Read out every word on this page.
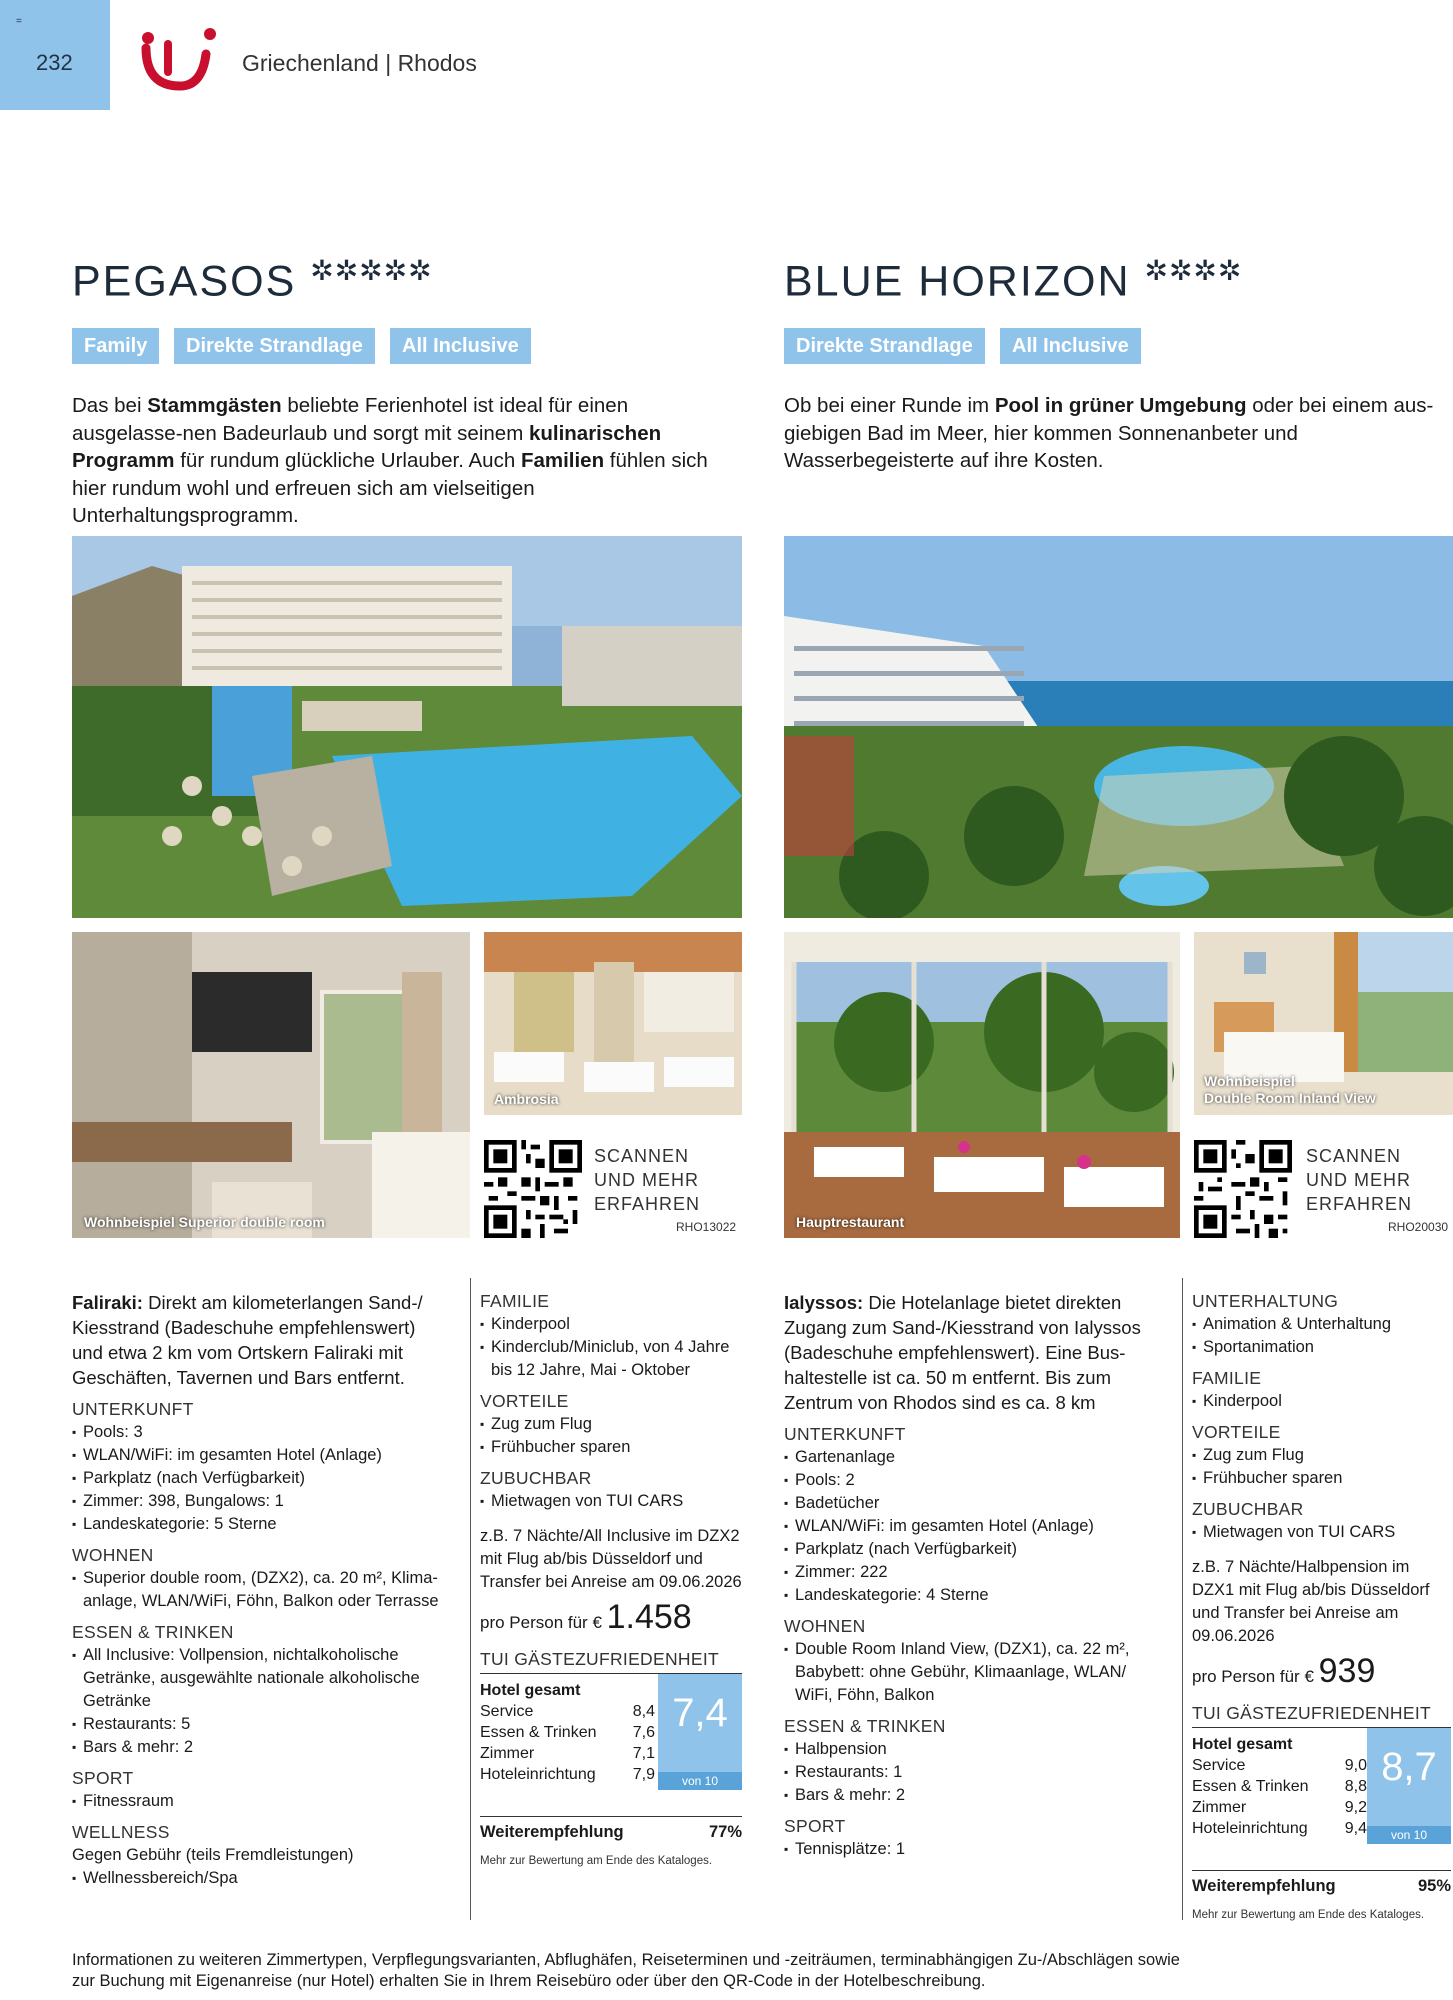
=
232	Griechenland | Rhodos
PEGASOS ✲✲✲✲✲
Family	Direkte Strandlage	All Inclusive
Das bei Stammgästen beliebte Ferienhotel ist ideal für einen ausgelasse-nen Badeurlaub und sorgt mit seinem kulinarischen Programm für rundum glückliche Urlauber. Auch Familien fühlen sich hier rundum wohl und erfreuen sich am vielseitigen Unterhaltungsprogramm.
Wohnbeispiel Superior double room
Ambrosia
SCANNEN
UND MEHR
ERFAHREN
RHO13022
Faliraki: Direkt am kilometerlangen Sand-/ Kiesstrand (Badeschuhe empfehlenswert) und etwa 2 km vom Ortskern Faliraki mit Geschäften, Tavernen und Bars entfernt.
UNTERKUNFT
▪ Pools: 3
▪ WLAN/WiFi: im gesamten Hotel (Anlage)
▪ Parkplatz (nach Verfügbarkeit)
▪ Zimmer: 398, Bungalows: 1
▪ Landeskategorie: 5 Sterne
WOHNEN
▪ Superior double room, (DZX2), ca. 20 m², Klima-anlage, WLAN/WiFi, Föhn, Balkon oder Terrasse
ESSEN & TRINKEN
▪ All Inclusive: Vollpension, nichtalkoholische Getränke, ausgewählte nationale alkoholische Getränke
▪ Restaurants: 5
▪ Bars & mehr: 2
SPORT
▪ Fitnessraum
WELLNESS

Gegen Gebühr (teils Fremdleistungen)

▪ Wellnessbereich/Spa
FAMILIE
▪ Kinderpool
▪ Kinderclub/Miniclub, von 4 Jahre bis 12 Jahre, Mai - Oktober
VORTEILE
▪ Zug zum Flug
▪ Frühbucher sparen
ZUBUCHBAR
▪ Mietwagen von TUI CARS

z.B. 7 Nächte/All Inclusive im DZX2 mit Flug ab/bis Düsseldorf und Transfer bei Anreise am 09.06.2026

pro Person für € 1.458
TUI GÄSTEZUFRIEDENHEIT
Hotel gesamt
Service	8,4
Essen & Trinken 7,6
Zimmer	7,1
Hoteleinrichtung 7,9
7,4
von 10
Weiterempfehlung	77%
Mehr zur Bewertung am Ende des Kataloges.
BLUE HORIZON ✲✲✲✲
Direkte Strandlage	All Inclusive
Ob bei einer Runde im Pool in grüner Umgebung oder bei einem aus-giebigen Bad im Meer, hier kommen Sonnenanbeter und Wasserbegeisterte auf ihre Kosten.
Hauptrestaurant
Wohnbeispiel
Double Room Inland View
SCANNEN
UND MEHR
ERFAHREN
RHO20030
Ialyssos: Die Hotelanlage bietet direkten Zugang zum Sand-/Kiesstrand von Ialyssos (Badeschuhe empfehlenswert). Eine Bus-haltestelle ist ca. 50 m entfernt. Bis zum Zentrum von Rhodos sind es ca. 8 km
UNTERKUNFT
▪ Gartenanlage
▪ Pools: 2
▪ Badetücher
▪ WLAN/WiFi: im gesamten Hotel (Anlage)
▪ Parkplatz (nach Verfügbarkeit)
▪ Zimmer: 222
▪ Landeskategorie: 4 Sterne
WOHNEN
▪ Double Room Inland View, (DZX1), ca. 22 m², Babybett: ohne Gebühr, Klimaanlage, WLAN/ WiFi, Föhn, Balkon
ESSEN & TRINKEN
▪ Halbpension
▪ Restaurants: 1
▪ Bars & mehr: 2
SPORT
▪ Tennisplätze: 1
UNTERHALTUNG
▪ Animation & Unterhaltung
▪ Sportanimation
FAMILIE
▪ Kinderpool
VORTEILE
▪ Zug zum Flug
▪ Frühbucher sparen
ZUBUCHBAR
▪ Mietwagen von TUI CARS

z.B. 7 Nächte/Halbpension im DZX1 mit Flug ab/bis Düsseldorf und Transfer bei Anreise am 09.06.2026

pro Person für € 939
TUI GÄSTEZUFRIEDENHEIT
Hotel gesamt
Service	9,0
Essen & Trinken 8,8
Zimmer	9,2
Hoteleinrichtung 9,4
8,7
von 10
Weiterempfehlung	95%
Mehr zur Bewertung am Ende des Kataloges.
Informationen zu weiteren Zimmertypen, Verpflegungsvarianten, Abflughäfen, Reiseterminen und -zeiträumen, terminabhängigen Zu-/Abschlägen sowie zur Buchung mit Eigenanreise (nur Hotel) erhalten Sie in Ihrem Reisebüro oder über den QR-Code in der Hotelbeschreibung.
